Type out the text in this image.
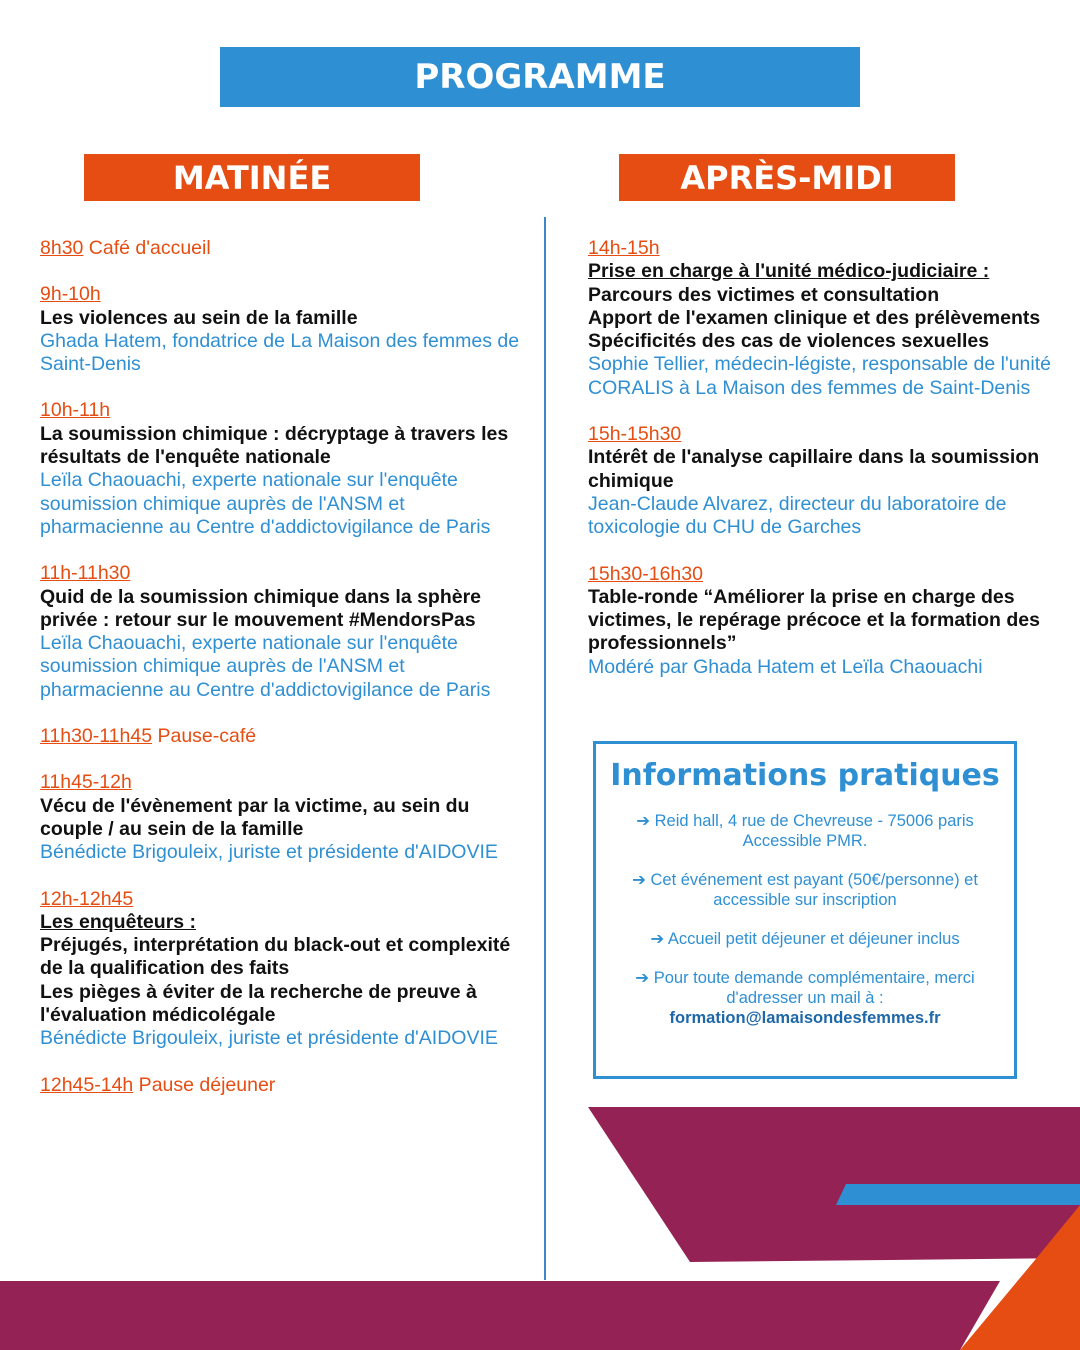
PROGRAMME
MATINÉE	APRÈS-MIDI
8h30 Café d'accueil
9h-10h
Les violences au sein de la famille
Ghada Hatem, fondatrice de La Maison des femmes de Saint-Denis
10h-11h
La soumission chimique : décryptage à travers les résultats de l'enquête nationale
Leïla Chaouachi, experte nationale sur l'enquête soumission chimique auprès de l'ANSM et pharmacienne au Centre d'addictovigilance de Paris
11h-11h30
Quid de la soumission chimique dans la sphère privée : retour sur le mouvement #MendorsPas
Leïla Chaouachi, experte nationale sur l'enquête soumission chimique auprès de l'ANSM et pharmacienne au Centre d'addictovigilance de Paris
11h30-11h45 Pause-café
11h45-12h
Vécu de l'évènement par la victime, au sein du couple / au sein de la famille
Bénédicte Brigouleix, juriste et présidente d'AIDOVIE
12h-12h45
Les enquêteurs :
Préjugés, interprétation du black-out et complexité de la qualification des faits
Les pièges à éviter de la recherche de preuve à l'évaluation médicolégale
Bénédicte Brigouleix, juriste et présidente d'AIDOVIE
12h45-14h Pause déjeuner
14h-15h
Prise en charge à l'unité médico-judiciaire :
Parcours des victimes et consultation
Apport de l'examen clinique et des prélèvements
Spécificités des cas de violences sexuelles
Sophie Tellier, médecin-légiste, responsable de l'unité CORALIS à La Maison des femmes de Saint-Denis
15h-15h30
Intérêt de l'analyse capillaire dans la soumission chimique
Jean-Claude Alvarez, directeur du laboratoire de toxicologie du CHU de Garches
15h30-16h30
Table-ronde “Améliorer la prise en charge des victimes, le repérage précoce et la formation des professionnels”
Modéré par Ghada Hatem et Leïla Chaouachi
Informations pratiques
➔ Reid hall, 4 rue de Chevreuse - 75006 paris Accessible PMR.
➔ Cet événement est payant (50€/personne) et accessible sur inscription
➔ Accueil petit déjeuner et déjeuner inclus
➔ Pour toute demande complémentaire, merci d'adresser un mail à :
formation@lamaisondesfemmes.fr
